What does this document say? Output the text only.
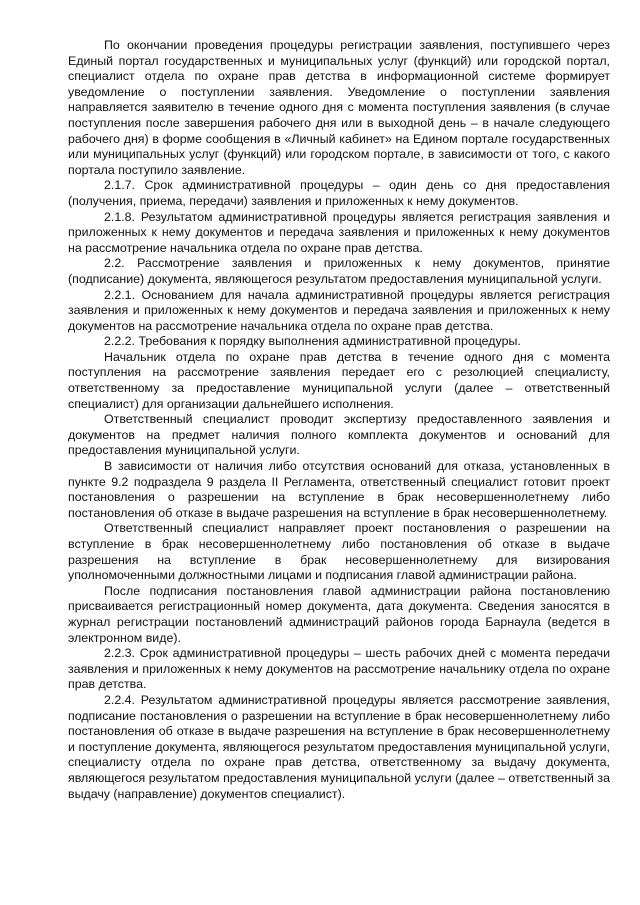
По окончании проведения процедуры регистрации заявления, поступившего через Единый портал государственных и муниципальных услуг (функций) или городской портал, специалист отдела по охране прав детства в информационной системе формирует уведомление о поступлении заявления. Уведомление о поступлении заявления направляется заявителю в течение одного дня с момента поступления заявления (в случае поступления после завершения рабочего дня или в выходной день – в начале следующего рабочего дня) в форме сообщения в «Личный кабинет» на Едином портале государственных или муниципальных услуг (функций) или городском портале, в зависимости от того, с какого портала поступило заявление.

2.1.7. Срок административной процедуры – один день со дня предоставления (получения, приема, передачи) заявления и приложенных к нему документов.

2.1.8. Результатом административной процедуры является регистрация заявления и приложенных к нему документов и передача заявления и приложенных к нему документов на рассмотрение начальника отдела по охране прав детства.

2.2. Рассмотрение заявления и приложенных к нему документов, принятие (подписание) документа, являющегося результатом предоставления муниципальной услуги.

2.2.1. Основанием для начала административной процедуры является регистрация заявления и приложенных к нему документов и передача заявления и приложенных к нему документов на рассмотрение начальника отдела по охране прав детства.

2.2.2. Требования к порядку выполнения административной процедуры.

Начальник отдела по охране прав детства в течение одного дня с момента поступления на рассмотрение заявления передает его с резолюцией специалисту, ответственному за предоставление муниципальной услуги (далее – ответственный специалист) для организации дальнейшего исполнения.

Ответственный специалист проводит экспертизу предоставленного заявления и документов на предмет наличия полного комплекта документов и оснований для предоставления муниципальной услуги.

В зависимости от наличия либо отсутствия оснований для отказа, установленных в пункте 9.2 подраздела 9 раздела II Регламента, ответственный специалист готовит проект постановления о разрешении на вступление в брак несовершеннолетнему либо постановления об отказе в выдаче разрешения на вступление в брак несовершеннолетнему.

Ответственный специалист направляет проект постановления о разрешении на вступление в брак несовершеннолетнему либо постановления об отказе в выдаче разрешения на вступление в брак несовершеннолетнему для визирования уполномоченными должностными лицами и подписания главой администрации района.

После подписания постановления главой администрации района постановлению присваивается регистрационный номер документа, дата документа. Сведения заносятся в журнал регистрации постановлений администраций районов города Барнаула (ведется в электронном виде).

2.2.3. Срок административной процедуры – шесть рабочих дней с момента передачи заявления и приложенных к нему документов на рассмотрение начальнику отдела по охране прав детства.

2.2.4. Результатом административной процедуры является рассмотрение заявления, подписание постановления о разрешении на вступление в брак несовершеннолетнему либо постановления об отказе в выдаче разрешения на вступление в брак несовершеннолетнему и поступление документа, являющегося результатом предоставления муниципальной услуги, специалисту отдела по охране прав детства, ответственному за выдачу документа, являющегося результатом предоставления муниципальной услуги (далее – ответственный за выдачу (направление) документов специалист).
